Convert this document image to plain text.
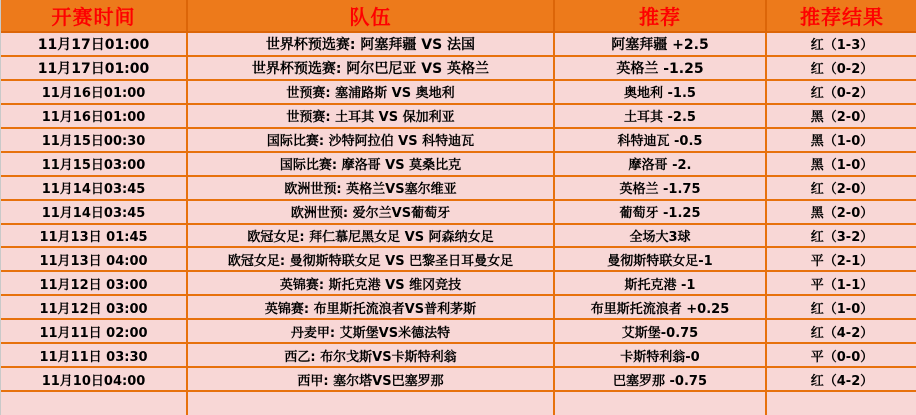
开赛时间	队伍	推荐	推荐结果
11月17日01:00	世界杯预选赛: 阿塞拜疆 VS 法国	阿塞拜疆 +2.5	红（1-3）
11月17日01:00	世界杯预选赛: 阿尔巴尼亚 VS 英格兰	英格兰 -1.25	红（0-2）
11月16日01:00	世预赛: 塞浦路斯 VS 奥地利	奥地利 -1.5	红（0-2）
11月16日01:00	世预赛: 土耳其 VS 保加利亚	土耳其 -2.5	黑（2-0）
11月15日00:30	国际比赛: 沙特阿拉伯 VS 科特迪瓦	科特迪瓦 -0.5	黑（1-0）
11月15日03:00	国际比赛: 摩洛哥 VS 莫桑比克	摩洛哥 -2.	黑（1-0）
11月14日03:45	欧洲世预: 英格兰VS塞尔维亚	英格兰 -1.75	红（2-0）
11月14日03:45	欧洲世预: 爱尔兰VS葡萄牙	葡萄牙 -1.25	黑（2-0）
11月13日 01:45	欧冠女足: 拜仁慕尼黑女足 VS 阿森纳女足	全场大3球	红（3-2）
11月13日 04:00	欧冠女足: 曼彻斯特联女足 VS 巴黎圣日耳曼女足	曼彻斯特联女足-1	平（2-1）
11月12日 03:00	英锦赛: 斯托克港 VS 维冈竞技	斯托克港 -1	平（1-1）
11月12日 03:00	英锦赛: 布里斯托流浪者VS普利茅斯	布里斯托流浪者 +0.25	红（1-0）
11月11日 02:00	丹麦甲: 艾斯堡VS米德法特	艾斯堡-0.75	红（4-2）
11月11日 03:30	西乙: 布尔戈斯VS卡斯特利翁	卡斯特利翁-0	平（0-0）
11月10日04:00	西甲: 塞尔塔VS巴塞罗那	巴塞罗那 -0.75	红（4-2）
